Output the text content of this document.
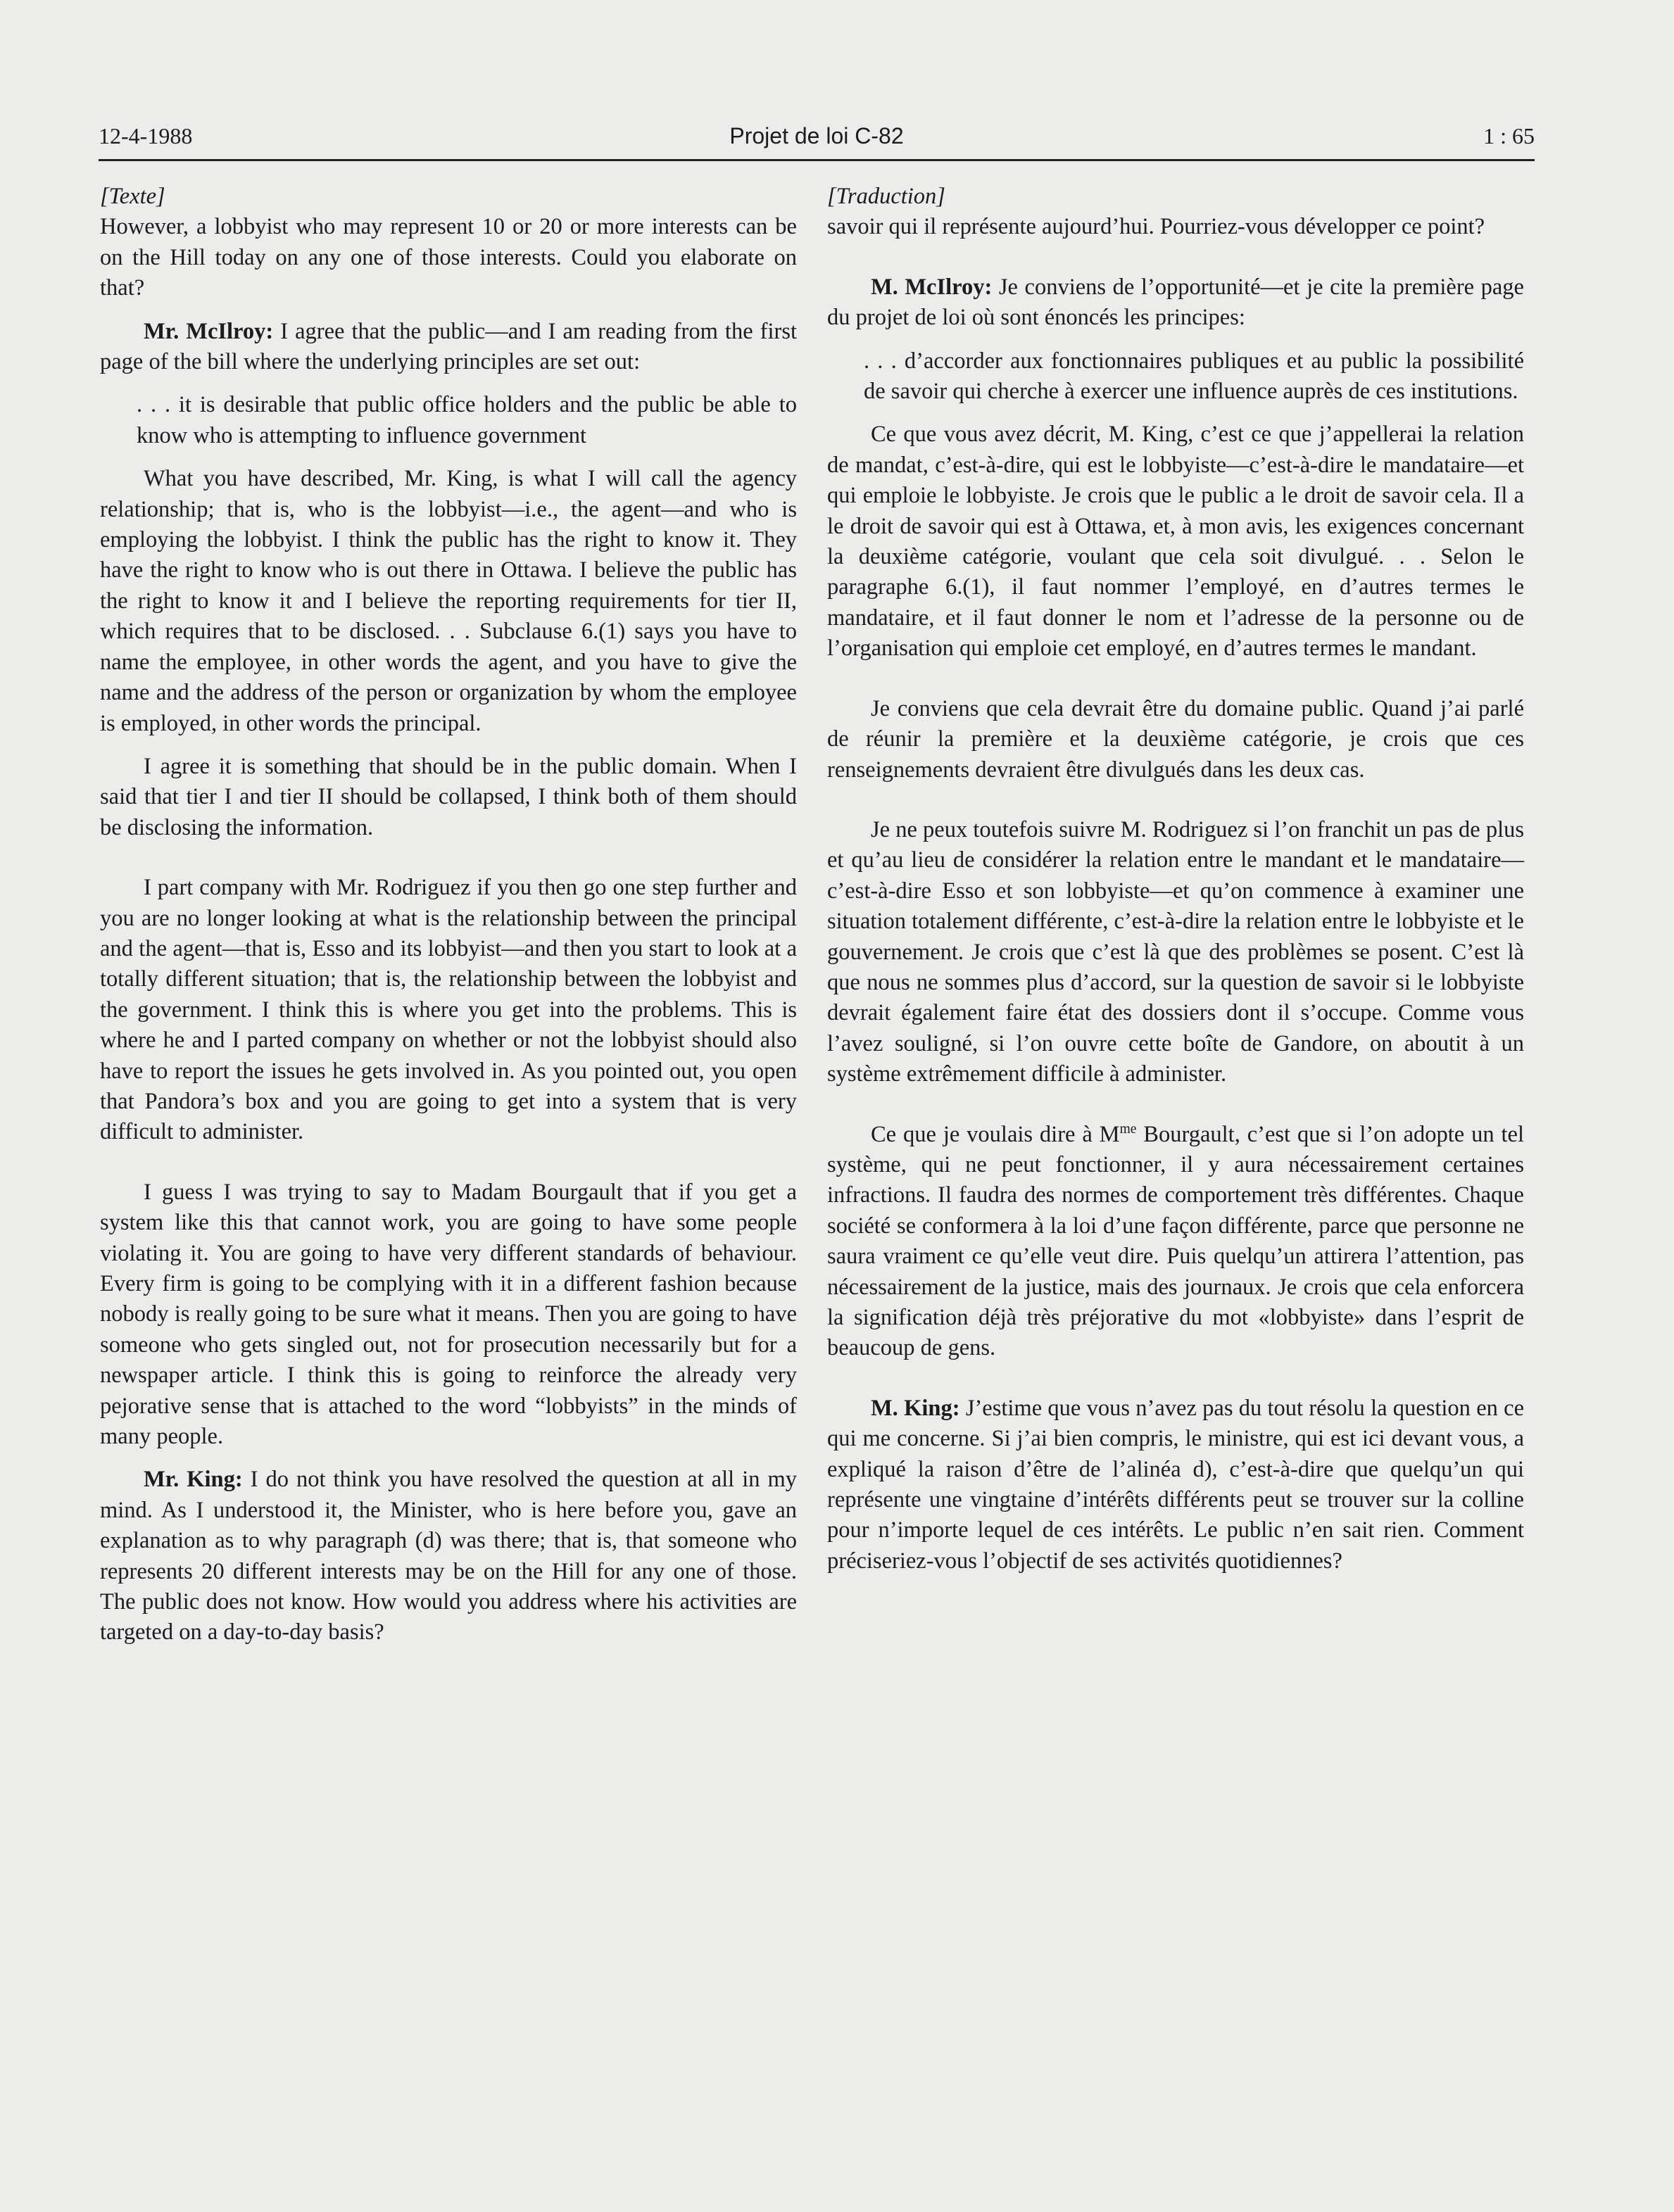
12-4-1988	Projet de loi C-82	1 : 65

[Texte]

However, a lobbyist who may represent 10 or 20 or more interests can be on the Hill today on any one of those interests. Could you elaborate on that?

Mr. McIlroy: I agree that the public—and I am reading from the first page of the bill where the underlying principles are set out:

. . . it is desirable that public office holders and the public be able to know who is attempting to influence government

What you have described, Mr. King, is what I will call the agency relationship; that is, who is the lobbyist—i.e., the agent—and who is employing the lobbyist. I think the public has the right to know it. They have the right to know who is out there in Ottawa. I believe the public has the right to know it and I believe the reporting requirements for tier II, which requires that to be disclosed. . . Subclause 6.(1) says you have to name the employee, in other words the agent, and you have to give the name and the address of the person or organization by whom the employee is employed, in other words the principal.

I agree it is something that should be in the public domain. When I said that tier I and tier II should be collapsed, I think both of them should be disclosing the information.

I part company with Mr. Rodriguez if you then go one step further and you are no longer looking at what is the relationship between the principal and the agent—that is, Esso and its lobbyist—and then you start to look at a totally different situation; that is, the relationship between the lobbyist and the government. I think this is where you get into the problems. This is where he and I parted company on whether or not the lobbyist should also have to report the issues he gets involved in. As you pointed out, you open that Pandora’s box and you are going to get into a system that is very difficult to administer.

I guess I was trying to say to Madam Bourgault that if you get a system like this that cannot work, you are going to have some people violating it. You are going to have very different standards of behaviour. Every firm is going to be complying with it in a different fashion because nobody is really going to be sure what it means. Then you are going to have someone who gets singled out, not for prosecution necessarily but for a newspaper article. I think this is going to reinforce the already very pejorative sense that is attached to the word “lobbyists” in the minds of many people.

Mr. King: I do not think you have resolved the question at all in my mind. As I understood it, the Minister, who is here before you, gave an explanation as to why paragraph (d) was there; that is, that someone who represents 20 different interests may be on the Hill for any one of those. The public does not know. How would you address where his activities are targeted on a day-to-day basis?

[Traduction]

savoir qui il représente aujourd’hui. Pourriez-vous développer ce point?

M. McIlroy: Je conviens de l’opportunité—et je cite la première page du projet de loi où sont énoncés les principes:

. . . d’accorder aux fonctionnaires publiques et au public la possibilité de savoir qui cherche à exercer une influence auprès de ces institutions.

Ce que vous avez décrit, M. King, c’est ce que j’appellerai la relation de mandat, c’est-à-dire, qui est le lobbyiste—c’est-à-dire le mandataire—et qui emploie le lobbyiste. Je crois que le public a le droit de savoir cela. Il a le droit de savoir qui est à Ottawa, et, à mon avis, les exigences concernant la deuxième catégorie, voulant que cela soit divulgué. . . Selon le paragraphe 6.(1), il faut nommer l’employé, en d’autres termes le mandataire, et il faut donner le nom et l’adresse de la personne ou de l’organisation qui emploie cet employé, en d’autres termes le mandant.

Je conviens que cela devrait être du domaine public. Quand j’ai parlé de réunir la première et la deuxième catégorie, je crois que ces renseignements devraient être divulgués dans les deux cas.

Je ne peux toutefois suivre M. Rodriguez si l’on franchit un pas de plus et qu’au lieu de considérer la relation entre le mandant et le mandataire—c’est-à-dire Esso et son lobbyiste—et qu’on commence à examiner une situation totalement différente, c’est-à-dire la relation entre le lobbyiste et le gouvernement. Je crois que c’est là que des problèmes se posent. C’est là que nous ne sommes plus d’accord, sur la question de savoir si le lobbyiste devrait également faire état des dossiers dont il s’occupe. Comme vous l’avez souligné, si l’on ouvre cette boîte de Gandore, on aboutit à un système extrêmement difficile à administer.

Ce que je voulais dire à $M^{me}$ Bourgault, c’est que si l’on adopte un tel système, qui ne peut fonctionner, il y aura nécessairement certaines infractions. Il faudra des normes de comportement très différentes. Chaque société se conformera à la loi d’une façon différente, parce que personne ne saura vraiment ce qu’elle veut dire. Puis quelqu’un attirera l’attention, pas nécessairement de la justice, mais des journaux. Je crois que cela enforcera la signification déjà très préjorative du mot «lobbyiste» dans l’esprit de beaucoup de gens.

M. King: J’estime que vous n’avez pas du tout résolu la question en ce qui me concerne. Si j’ai bien compris, le ministre, qui est ici devant vous, a expliqué la raison d’être de l’alinéa d), c’est-à-dire que quelqu’un qui représente une vingtaine d’intérêts différents peut se trouver sur la colline pour n’importe lequel de ces intérêts. Le public n’en sait rien. Comment préciseriez-vous l’objectif de ses activités quotidiennes?
